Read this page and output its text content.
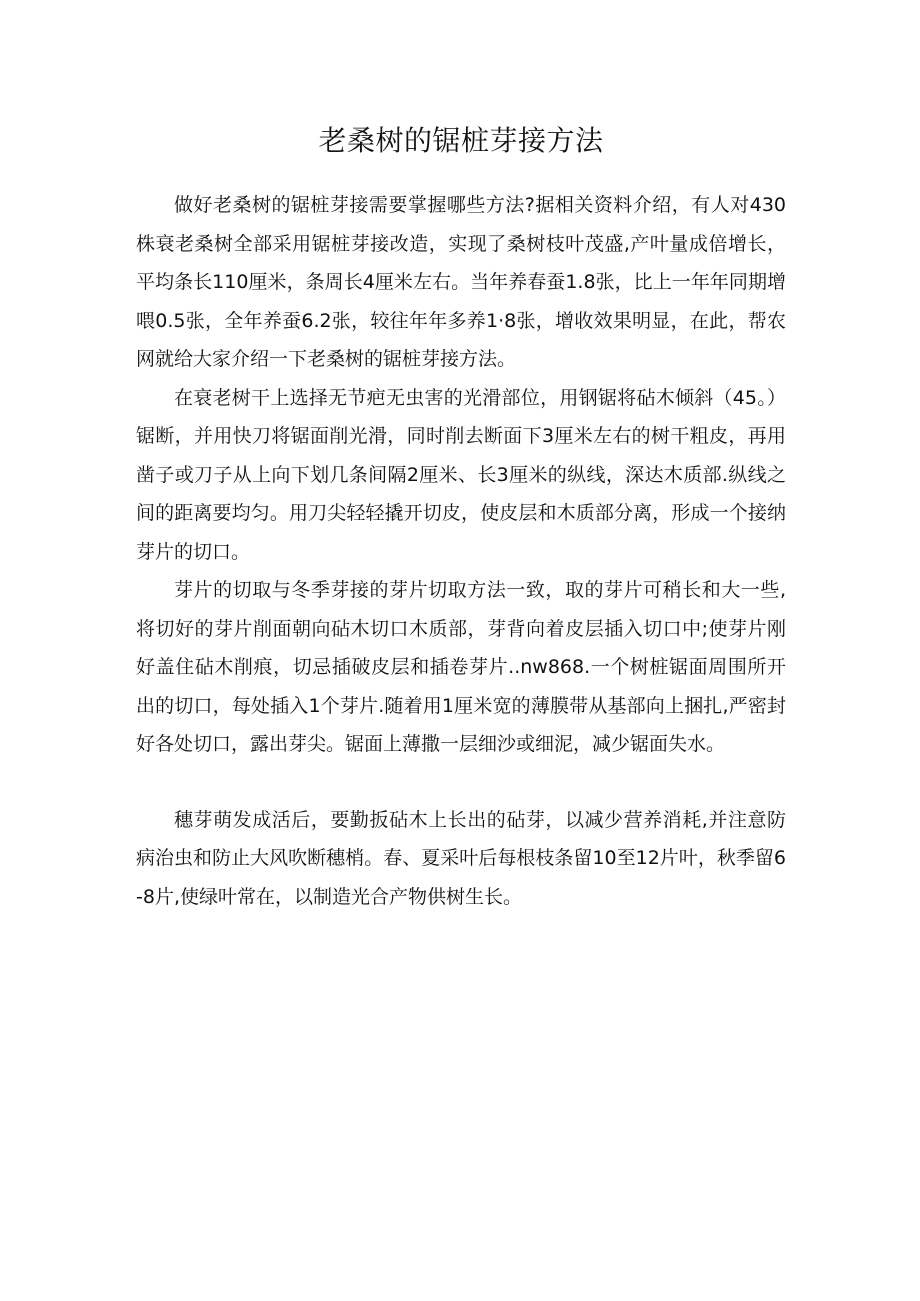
老桑树的锯桩芽接方法

做好老桑树的锯桩芽接需要掌握哪些方法?据相关资料介绍，有人对430株衰老桑树全部采用锯桩芽接改造，实现了桑树枝叶茂盛,产叶量成倍增长，平均条长110厘米，条周长4厘米左右。当年养春蚕1.8张，比上一年年同期增喂0.5张，全年养蚕6.2张，较往年年多养1·8张，增收效果明显，在此，帮农网就给大家介绍一下老桑树的锯桩芽接方法。

在衰老树干上选择无节疤无虫害的光滑部位，用钢锯将砧木倾斜（45。）锯断，并用快刀将锯面削光滑，同时削去断面下3厘米左右的树干粗皮，再用凿子或刀子从上向下划几条间隔2厘米、长3厘米的纵线，深达木质部.纵线之间的距离要均匀。用刀尖轻轻撬开切皮，使皮层和木质部分离，形成一个接纳芽片的切口。

芽片的切取与冬季芽接的芽片切取方法一致，取的芽片可稍长和大一些,将切好的芽片削面朝向砧木切口木质部，芽背向着皮层插入切口中;使芽片刚好盖住砧木削痕，切忌插破皮层和插卷芽片..nw868.一个树桩锯面周围所开出的切口，每处插入1个芽片.随着用1厘米宽的薄膜带从基部向上捆扎,严密封好各处切口，露出芽尖。锯面上薄撒一层细沙或细泥，减少锯面失水。

穗芽萌发成活后，要勤扳砧木上长出的砧芽，以减少营养消耗,并注意防病治虫和防止大风吹断穗梢。春、夏采叶后每根枝条留10至12片叶，秋季留6-8片,使绿叶常在，以制造光合产物供树生长。
